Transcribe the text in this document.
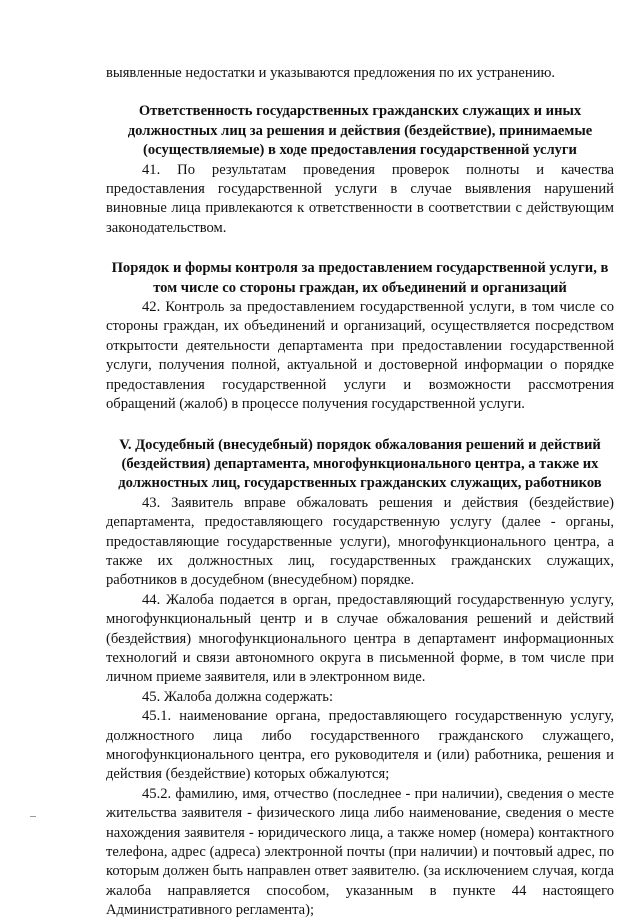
выявленные недостатки и указываются предложения по их устранению.

Ответственность государственных гражданских служащих и иных должностных лиц за решения и действия (бездействие), принимаемые (осуществляемые) в ходе предоставления государственной услуги

41. По результатам проведения проверок полноты и качества предоставления государственной услуги в случае выявления нарушений виновные лица привлекаются к ответственности в соответствии с действующим законодательством.

Порядок и формы контроля за предоставлением государственной услуги, в том числе со стороны граждан, их объединений и организаций

42. Контроль за предоставлением государственной услуги, в том числе со стороны граждан, их объединений и организаций, осуществляется посредством открытости деятельности департамента при предоставлении государственной услуги, получения полной, актуальной и достоверной информации о порядке предоставления государственной услуги и возможности рассмотрения обращений (жалоб) в процессе получения государственной услуги.

V. Досудебный (внесудебный) порядок обжалования решений и действий (бездействия) департамента, многофункционального центра, а также их должностных лиц, государственных гражданских служащих, работников

43. Заявитель вправе обжаловать решения и действия (бездействие) департамента, предоставляющего государственную услугу (далее - органы, предоставляющие государственные услуги), многофункционального центра, а также их должностных лиц, государственных гражданских служащих, работников в досудебном (внесудебном) порядке.

44. Жалоба подается в орган, предоставляющий государственную услугу, многофункциональный центр и в случае обжалования решений и действий (бездействия) многофункционального центра в департамент информационных технологий и связи автономного округа в письменной форме, в том числе при личном приеме заявителя, или в электронном виде.

45. Жалоба должна содержать:

45.1. наименование органа, предоставляющего государственную услугу, должностного лица либо государственного гражданского служащего, многофункционального центра, его руководителя и (или) работника, решения и действия (бездействие) которых обжалуются;

45.2. фамилию, имя, отчество (последнее - при наличии), сведения о месте жительства заявителя - физического лица либо наименование, сведения о месте нахождения заявителя - юридического лица, а также номер (номера) контактного телефона, адрес (адреса) электронной почты (при наличии) и почтовый адрес, по которым должен быть направлен ответ заявителю. (за исключением случая, когда жалоба направляется способом, указанным в пункте 44 настоящего Административного регламента);
